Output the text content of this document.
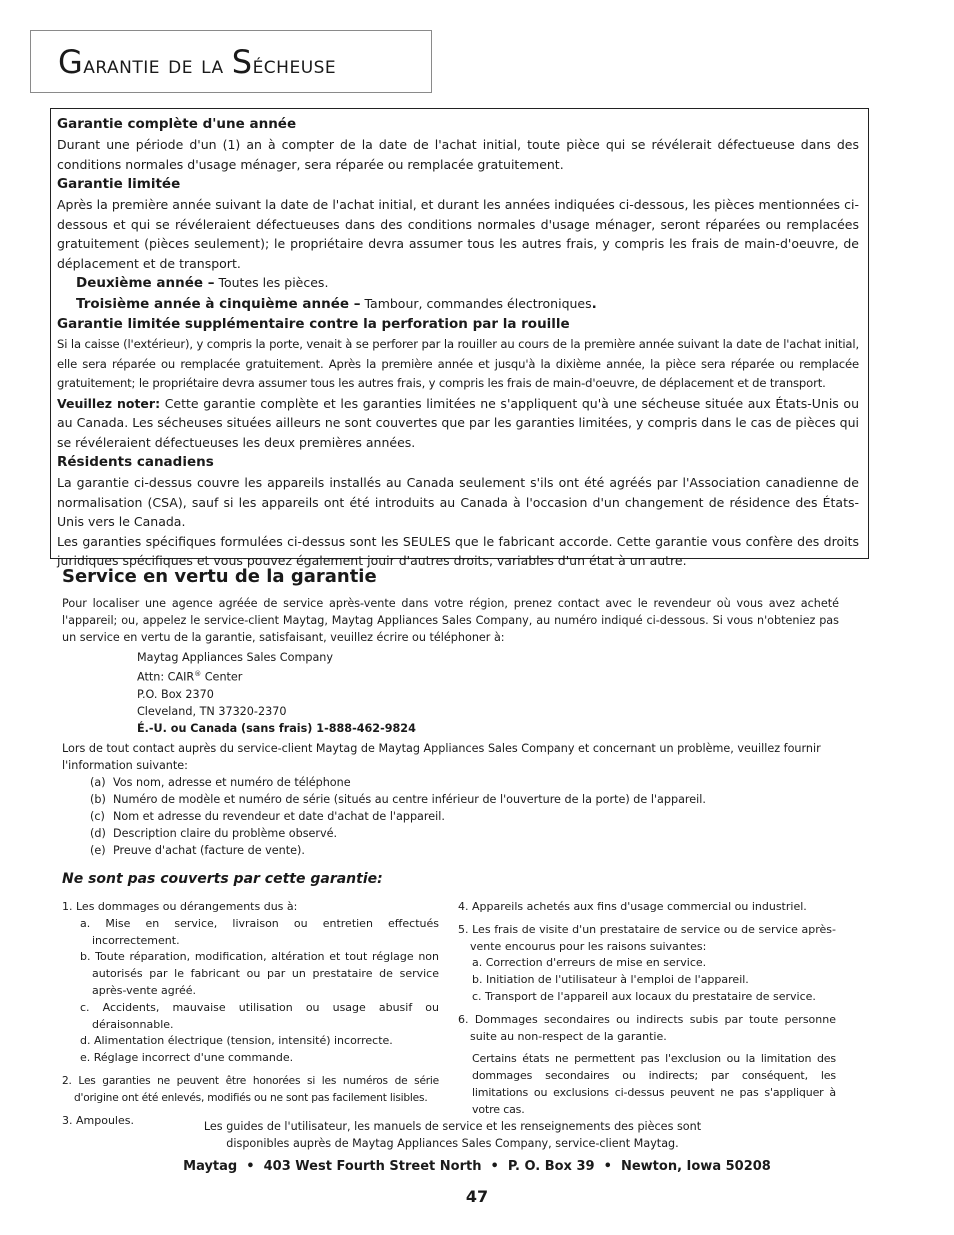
Garantie de la Sécheuse

Garantie complète d'une année

Durant une période d'un (1) an à compter de la date de l'achat initial, toute pièce qui se révélerait défectueuse dans des conditions normales d'usage ménager, sera réparée ou remplacée gratuitement.

Garantie limitée

Après la première année suivant la date de l'achat initial, et durant les années indiquées ci-dessous, les pièces mentionnées ci-dessous et qui se révéleraient défectueuses dans des conditions normales d'usage ménager, seront réparées ou remplacées gratuitement (pièces seulement); le propriétaire devra assumer tous les autres frais, y compris les frais de main-d'oeuvre, de déplacement et de transport.

Deuxième année – Toutes les pièces.

Troisième année à cinquième année – Tambour, commandes électroniques.

Garantie limitée supplémentaire contre la perforation par la rouille

Si la caisse (l'extérieur), y compris la porte, venait à se perforer par la rouiller au cours de la première année suivant la date de l'achat initial, elle sera réparée ou remplacée gratuitement. Après la première année et jusqu'à la dixième année, la pièce sera réparée ou remplacée gratuitement; le propriétaire devra assumer tous les autres frais, y compris les frais de main-d'oeuvre, de déplacement et de transport.

Veuillez noter: Cette garantie complète et les garanties limitées ne s'appliquent qu'à une sécheuse située aux États-Unis ou au Canada. Les sécheuses situées ailleurs ne sont couvertes que par les garanties limitées, y compris dans le cas de pièces qui se révéleraient défectueuses les deux premières années.

Résidents canadiens

La garantie ci-dessus couvre les appareils installés au Canada seulement s'ils ont été agréés par l'Association canadienne de normalisation (CSA), sauf si les appareils ont été introduits au Canada à l'occasion d'un changement de résidence des États-Unis vers le Canada.

Les garanties spécifiques formulées ci-dessus sont les SEULES que le fabricant accorde. Cette garantie vous confère des droits juridiques spécifiques et vous pouvez également jouir d'autres droits, variables d'un état à un autre.

Service en vertu de la garantie
Pour localiser une agence agréée de service après-vente dans votre région, prenez contact avec le revendeur où vous avez acheté l'appareil; ou, appelez le service-client Maytag, Maytag Appliances Sales Company, au numéro indiqué ci-dessous. Si vous n'obteniez pas un service en vertu de la garantie, satisfaisant, veuillez écrire ou téléphoner à:
Maytag Appliances Sales Company
Attn: CAIR® Center
P.O. Box 2370
Cleveland, TN 37320-2370
É.-U. ou Canada (sans frais) 1-888-462-9824
Lors de tout contact auprès du service-client Maytag de Maytag Appliances Sales Company et concernant un problème, veuillez fournir l'information suivante:
(a) Vos nom, adresse et numéro de téléphone
(b) Numéro de modèle et numéro de série (situés au centre inférieur de l'ouverture de la porte) de l'appareil.
(c) Nom et adresse du revendeur et date d'achat de l'appareil.
(d) Description claire du problème observé.
(e) Preuve d'achat (facture de vente).
Ne sont pas couverts par cette garantie:
1. Les dommages ou dérangements dus à:
a. Mise en service, livraison ou entretien effectués incorrectement.
b. Toute réparation, modification, altération et tout réglage non autorisés par le fabricant ou par un prestataire de service après-vente agréé.
c. Accidents, mauvaise utilisation ou usage abusif ou déraisonnable.
d. Alimentation électrique (tension, intensité) incorrecte.
e. Réglage incorrect d'une commande.
2. Les garanties ne peuvent être honorées si les numéros de série d'origine ont été enlevés, modifiés ou ne sont pas facilement lisibles.
3. Ampoules.
4. Appareils achetés aux fins d'usage commercial ou industriel.
5. Les frais de visite d'un prestataire de service ou de service après-vente encourus pour les raisons suivantes:
a. Correction d'erreurs de mise en service.
b. Initiation de l'utilisateur à l'emploi de l'appareil.
c. Transport de l'appareil aux locaux du prestataire de service.
6. Dommages secondaires ou indirects subis par toute personne suite au non-respect de la garantie.
Certains états ne permettent pas l'exclusion ou la limitation des dommages secondaires ou indirects; par conséquent, les limitations ou exclusions ci-dessus peuvent ne pas s'appliquer à votre cas.
Les guides de l'utilisateur, les manuels de service et les renseignements des pièces sont disponibles auprès de Maytag Appliances Sales Company, service-client Maytag.
Maytag  •  403 West Fourth Street North  •  P. O. Box 39  •  Newton, Iowa 50208
47
